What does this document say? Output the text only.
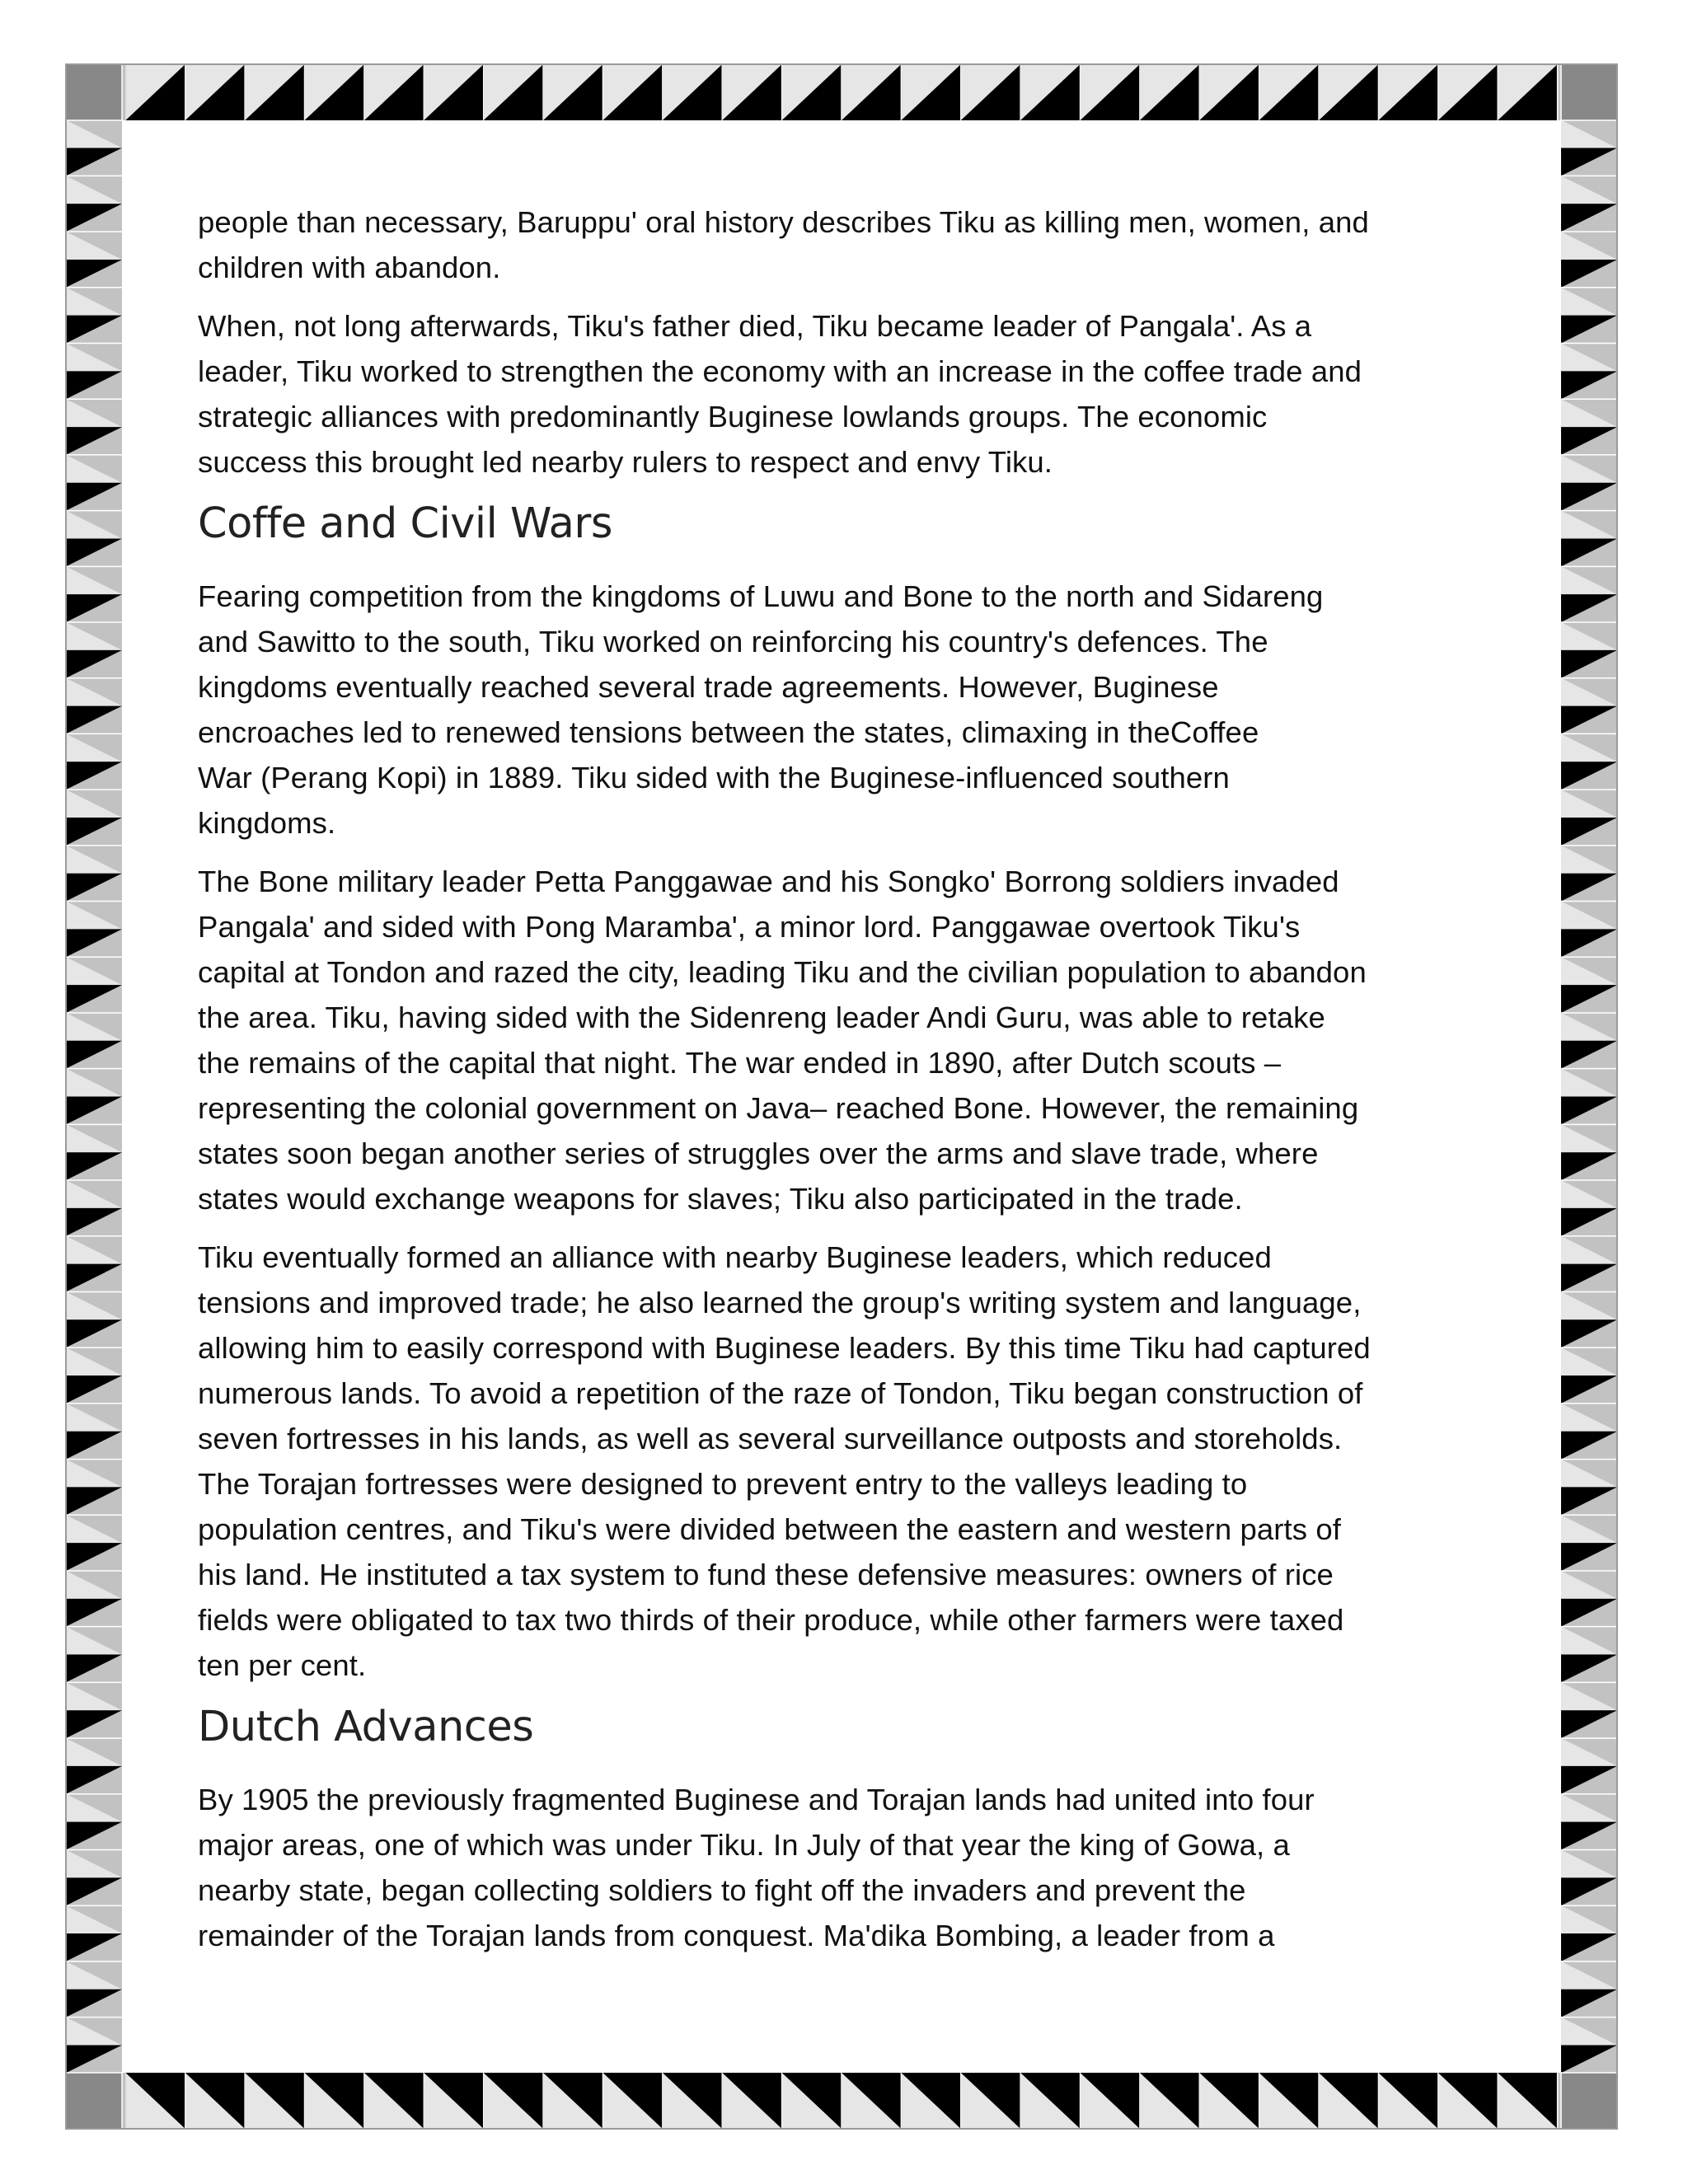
people than necessary, Baruppu' oral history describes Tiku as killing men, women, and
children with abandon.

When, not long afterwards, Tiku's father died, Tiku became leader of Pangala'. As a
leader, Tiku worked to strengthen the economy with an increase in the coffee trade and
strategic alliances with predominantly Buginese lowlands groups. The economic
success this brought led nearby rulers to respect and envy Tiku.

Coffe and Civil Wars

Fearing competition from the kingdoms of Luwu and Bone to the north and Sidareng
and Sawitto to the south, Tiku worked on reinforcing his country's defences. The
kingdoms eventually reached several trade agreements. However, Buginese
encroaches led to renewed tensions between the states, climaxing in theCoffee
War (Perang Kopi) in 1889. Tiku sided with the Buginese-influenced southern
kingdoms.

The Bone military leader Petta Panggawae and his Songko' Borrong soldiers invaded
Pangala' and sided with Pong Maramba', a minor lord. Panggawae overtook Tiku's
capital at Tondon and razed the city, leading Tiku and the civilian population to abandon
the area. Tiku, having sided with the Sidenreng leader Andi Guru, was able to retake
the remains of the capital that night. The war ended in 1890, after Dutch scouts –
representing the colonial government on Java– reached Bone. However, the remaining
states soon began another series of struggles over the arms and slave trade, where
states would exchange weapons for slaves; Tiku also participated in the trade.

Tiku eventually formed an alliance with nearby Buginese leaders, which reduced
tensions and improved trade; he also learned the group's writing system and language,
allowing him to easily correspond with Buginese leaders. By this time Tiku had captured
numerous lands. To avoid a repetition of the raze of Tondon, Tiku began construction of
seven fortresses in his lands, as well as several surveillance outposts and storeholds.
The Torajan fortresses were designed to prevent entry to the valleys leading to
population centres, and Tiku's were divided between the eastern and western parts of
his land. He instituted a tax system to fund these defensive measures: owners of rice
fields were obligated to tax two thirds of their produce, while other farmers were taxed
ten per cent.

Dutch Advances

By 1905 the previously fragmented Buginese and Torajan lands had united into four
major areas, one of which was under Tiku. In July of that year the king of Gowa, a
nearby state, began collecting soldiers to fight off the invaders and prevent the
remainder of the Torajan lands from conquest. Ma'dika Bombing, a leader from a
